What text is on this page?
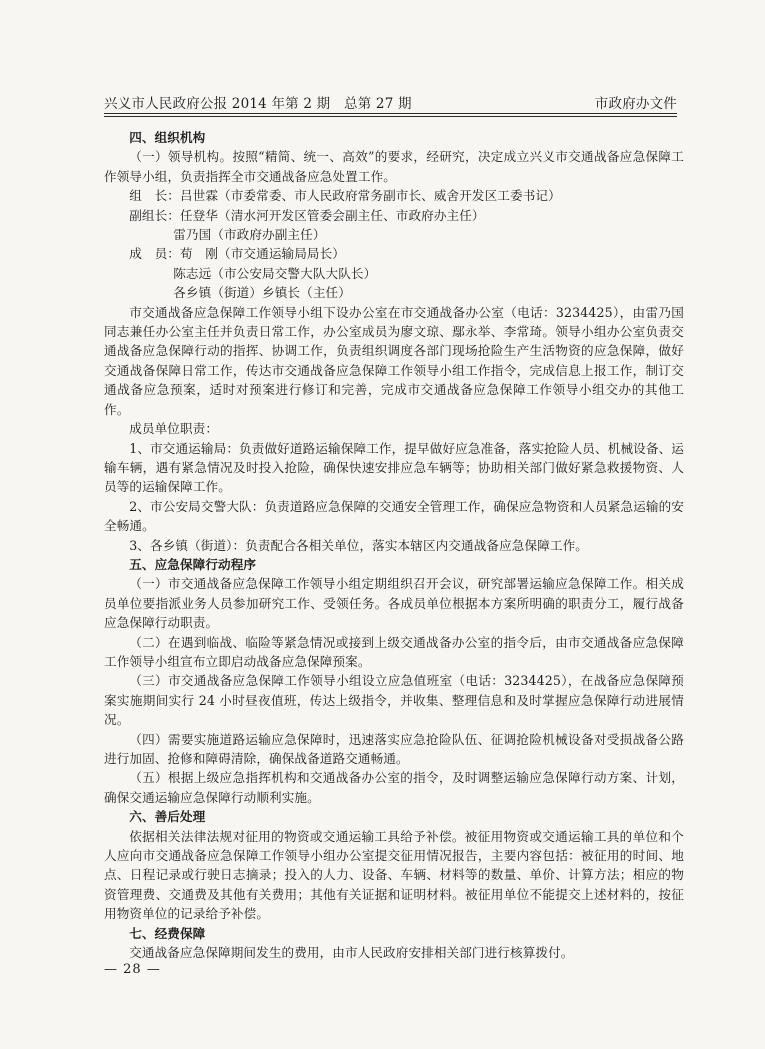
兴义市人民政府公报 2014 年第 2 期　总第 27 期	市政府办文件
四、组织机构

（一）领导机构。按照“精简、统一、高效”的要求，经研究，决定成立兴义市交通战备应急保障工作领导小组，负责指挥全市交通战备应急处置工作。

组　长： 吕世霖（市委常委、市人民政府常务副市长、威舍开发区工委书记）
副组长： 任登华（清水河开发区管委会副主任、市政府办主任）
雷乃国（市政府办副主任）
成　员： 荀　刚（市交通运输局局长）
陈志远（市公安局交警大队大队长）
各乡镇（街道）乡镇长（主任）

市交通战备应急保障工作领导小组下设办公室在市交通战备办公室（电话：3234425），由雷乃国同志兼任办公室主任并负责日常工作，办公室成员为廖文琼、鄢永举、李常琦。领导小组办公室负责交通战备应急保障行动的指挥、协调工作，负责组织调度各部门现场抢险生产生活物资的应急保障，做好交通战备保障日常工作，传达市交通战备应急保障工作领导小组工作指令，完成信息上报工作，制订交通战备应急预案，适时对预案进行修订和完善，完成市交通战备应急保障工作领导小组交办的其他工作。

成员单位职责：

1、市交通运输局：负责做好道路运输保障工作，提早做好应急准备，落实抢险人员、机械设备、运输车辆，遇有紧急情况及时投入抢险，确保快速安排应急车辆等；协助相关部门做好紧急救援物资、人员等的运输保障工作。

2、市公安局交警大队：负责道路应急保障的交通安全管理工作，确保应急物资和人员紧急运输的安全畅通。

3、各乡镇（街道）：负责配合各相关单位，落实本辖区内交通战备应急保障工作。

五、应急保障行动程序

（一）市交通战备应急保障工作领导小组定期组织召开会议，研究部署运输应急保障工作。相关成员单位要指派业务人员参加研究工作、受领任务。各成员单位根据本方案所明确的职责分工，履行战备应急保障行动职责。

（二）在遇到临战、临险等紧急情况或接到上级交通战备办公室的指令后，由市交通战备应急保障工作领导小组宣布立即启动战备应急保障预案。

（三）市交通战备应急保障工作领导小组设立应急值班室（电话：3234425），在战备应急保障预案实施期间实行 24 小时昼夜值班，传达上级指令，并收集、整理信息和及时掌握应急保障行动进展情况。

（四）需要实施道路运输应急保障时，迅速落实应急抢险队伍、征调抢险机械设备对受损战备公路进行加固、抢修和障碍清除，确保战备道路交通畅通。

（五）根据上级应急指挥机构和交通战备办公室的指令，及时调整运输应急保障行动方案、计划，确保交通运输应急保障行动顺利实施。

六、善后处理

依据相关法律法规对征用的物资或交通运输工具给予补偿。被征用物资或交通运输工具的单位和个人应向市交通战备应急保障工作领导小组办公室提交征用情况报告，主要内容包括：被征用的时间、地点、日程记录或行驶日志摘录；投入的人力、设备、车辆、材料等的数量、单价、计算方法；相应的物资管理费、交通费及其他有关费用；其他有关证据和证明材料。被征用单位不能提交上述材料的，按征用物资单位的记录给予补偿。

七、经费保障

交通战备应急保障期间发生的费用，由市人民政府安排相关部门进行核算拨付。

— 28 —
